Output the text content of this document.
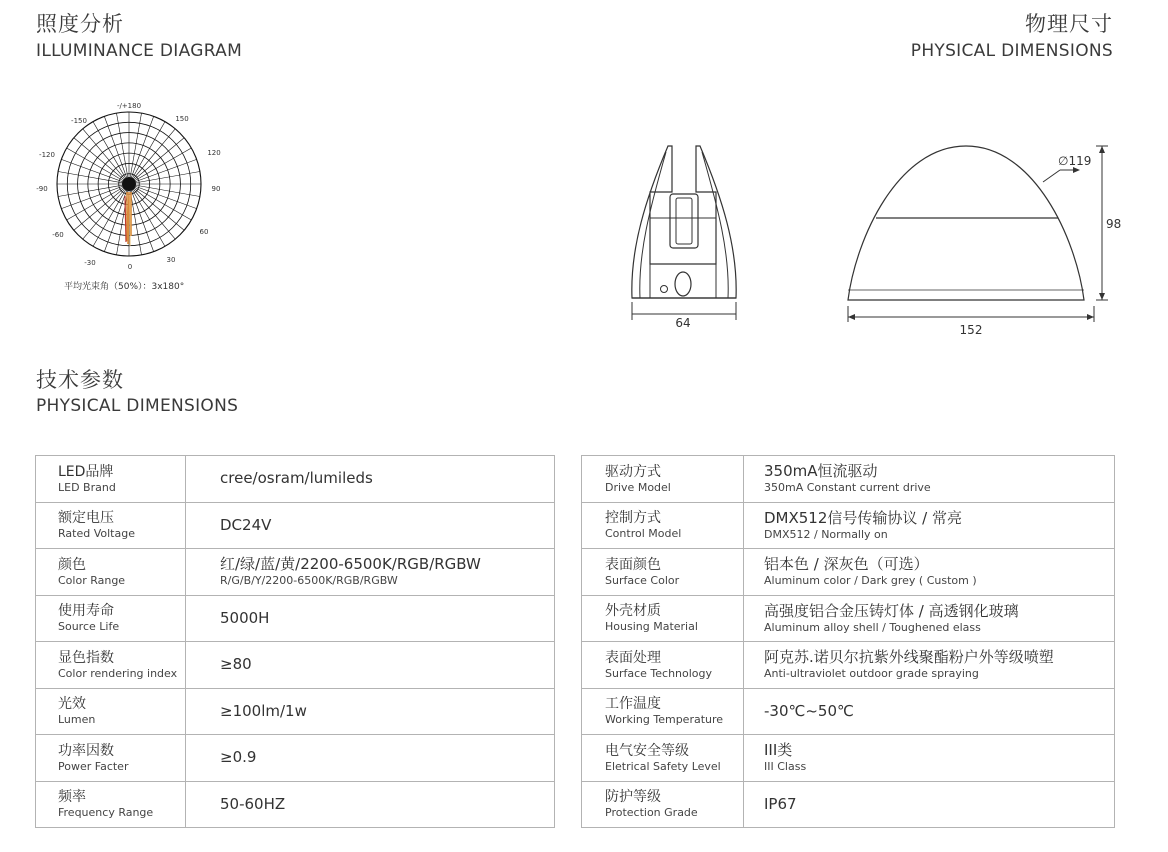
照度分析
ILLUMINANCE DIAGRAM
物理尺寸
PHYSICAL DIMENSIONS
技术参数
PHYSICAL DIMENSIONS
-/+180
150
120
90
60
30
0
-30
-60
-90
-120
-150
平均光束角（50%）：3x180°
64	152
98
∅119
LED品牌
LED Brand	cree/osram/lumileds

额定电压
Rated Voltage	DC24V

颜色
Color Range	红/绿/蓝/黄/2200-6500K/RGB/RGBW
R/G/B/Y/2200-6500K/RGB/RGBW

使用寿命
Source Life	5000H

显色指数
Color rendering index	≥80

光效
Lumen	≥100lm/1w

功率因数
Power Facter	≥0.9

频率
Frequency Range	50-60HZ
驱动方式
Drive Model	350mA恒流驱动
350mA Constant current drive

控制方式
Control Model	DMX512信号传输协议 / 常亮
DMX512 / Normally on

表面颜色
Surface Color	铝本色 / 深灰色（可选）
Aluminum color / Dark grey ( Custom )

外壳材质
Housing Material	高强度铝合金压铸灯体 / 高透钢化玻璃
Aluminum alloy shell / Toughened elass

表面处理
Surface Technology	阿克苏.诺贝尔抗紫外线聚酯粉户外等级喷塑
Anti-ultraviolet outdoor grade spraying

工作温度
Working Temperature	-30℃~50℃

电气安全等级
Eletrical Safety Level	III类
III Class

防护等级
Protection Grade	IP67
